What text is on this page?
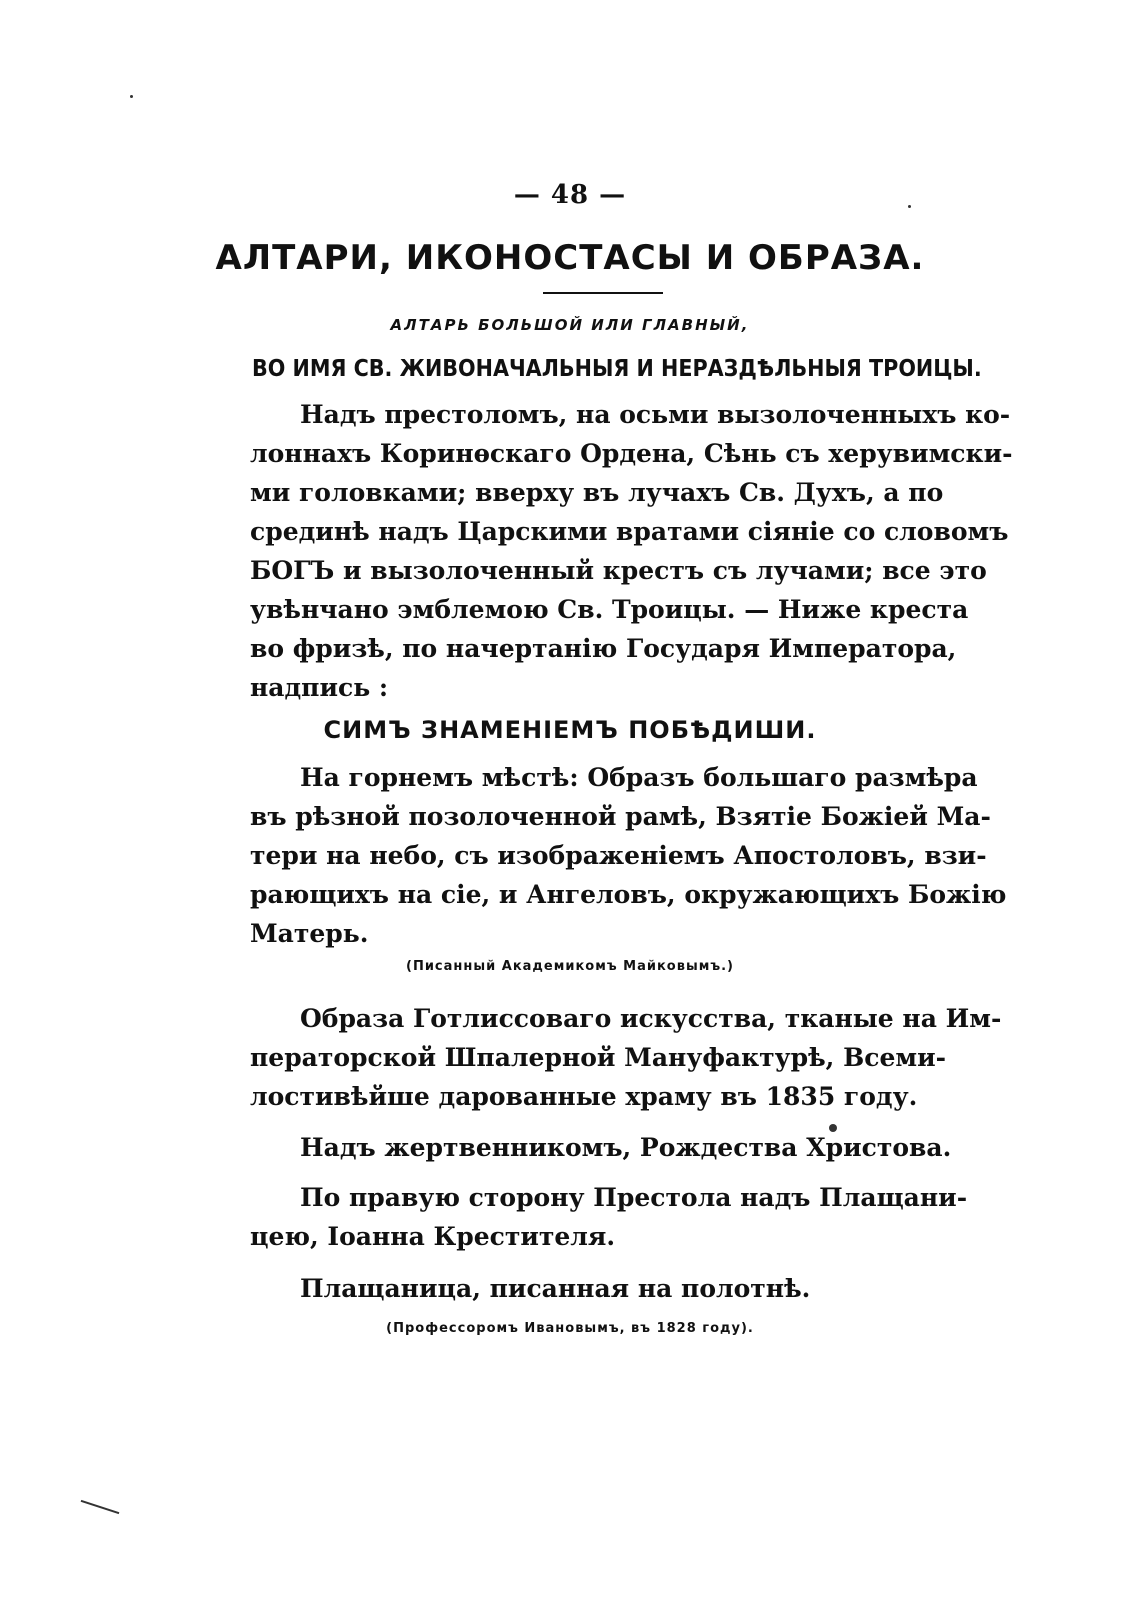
— 48 —
АЛТАРИ, ИКОНОСТАСЫ И ОБРАЗА.
АЛТАРЬ БОЛЬШОЙ ИЛИ ГЛАВНЫЙ,
ВО ИМЯ СВ. ЖИВОНАЧАЛЬНЫЯ И НЕРАЗДѢЛЬНЫЯ ТРОИЦЫ.
Надъ престоломъ, на осьми вызолоченныхъ ко-
лоннахъ Коринѳскаго Ордена, Сѣнь съ херувимски-
ми головками; вверху въ лучахъ Св. Духъ, а по
срединѣ надъ Царскими вратами сіяніе со словомъ
БОГЪ и вызолоченный крестъ съ лучами; все это
увѣнчано эмблемою Св. Троицы. — Ниже креста
во фризѣ, по начертанію Государя Императора,
надпись :
СИМЪ ЗНАМЕНІЕМЪ ПОБѢДИШИ.
На горнемъ мѣстѣ: Образъ большаго размѣра
въ рѣзной позолоченной рамѣ, Взятіе Божіей Ма-
тери на небо, съ изображеніемъ Апостоловъ, взи-
рающихъ на сіе, и Ангеловъ, окружающихъ Божію
Матерь.
(Писанный Академикомъ Майковымъ.)
Образа Готлиссоваго искусства, тканые на Им-
ператорской Шпалерной Мануфактурѣ, Всеми-
лостивѣйше дарованные храму въ 1835 году.
Надъ жертвенникомъ, Рождества Христова.
По правую сторону Престола надъ Плащани-
цею, Іоанна Крестителя.
Плащаница, писанная на полотнѣ.
(Профессоромъ Ивановымъ, въ 1828 году).
